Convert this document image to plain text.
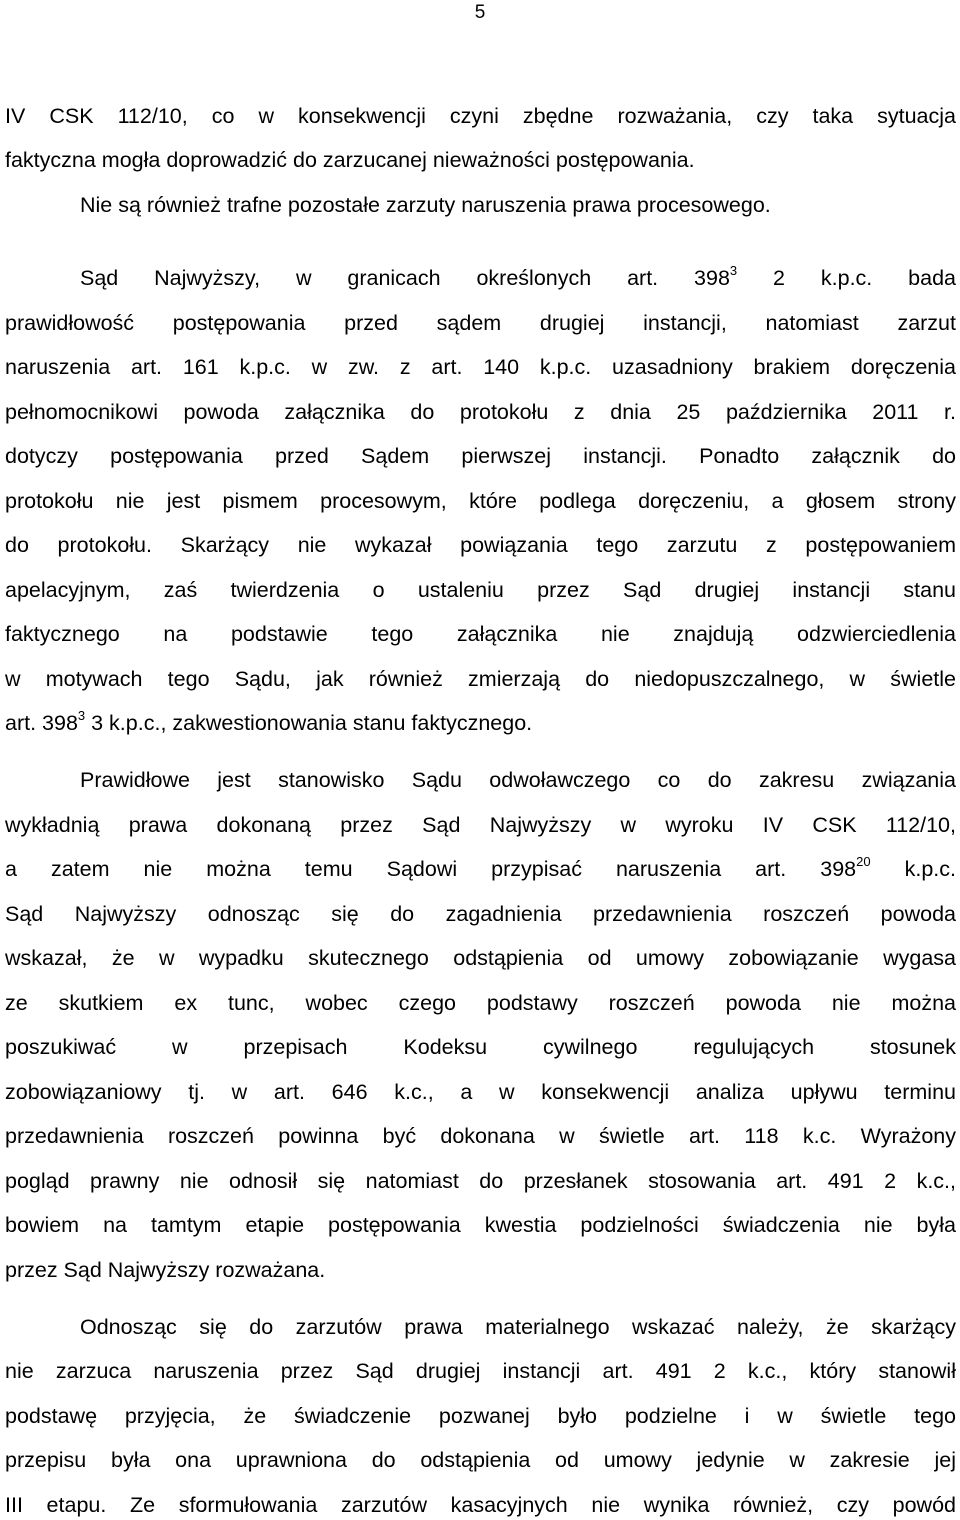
5
IV CSK 112/10, co w konsekwencji czyni zbędne rozważania, czy taka sytuacja
faktyczna mogła doprowadzić do zarzucanej nieważności postępowania.
Nie są również trafne pozostałe zarzuty naruszenia prawa procesowego.
Sąd Najwyższy, w granicach określonych art. $398^3$ 2 k.p.c. bada
prawidłowość postępowania przed sądem drugiej instancji, natomiast zarzut
naruszenia art. 161 k.p.c. w zw. z art. 140 k.p.c. uzasadniony brakiem doręczenia
pełnomocnikowi powoda załącznika do protokołu z dnia 25 października 2011 r.
dotyczy postępowania przed Sądem pierwszej instancji. Ponadto załącznik do
protokołu nie jest pismem procesowym, które podlega doręczeniu, a głosem strony
do protokołu. Skarżący nie wykazał powiązania tego zarzutu z postępowaniem
apelacyjnym, zaś twierdzenia o ustaleniu przez Sąd drugiej instancji stanu
faktycznego na podstawie tego załącznika nie znajdują odzwierciedlenia
w motywach tego Sądu, jak również zmierzają do niedopuszczalnego, w świetle
art. $398^3$ 3 k.p.c., zakwestionowania stanu faktycznego.
Prawidłowe jest stanowisko Sądu odwoławczego co do zakresu związania
wykładnią prawa dokonaną przez Sąd Najwyższy w wyroku IV CSK 112/10,
a zatem nie można temu Sądowi przypisać naruszenia art. $398^{20}$ k.p.c.
Sąd Najwyższy odnosząc się do zagadnienia przedawnienia roszczeń powoda
wskazał, że w wypadku skutecznego odstąpienia od umowy zobowiązanie wygasa
ze skutkiem ex tunc, wobec czego podstawy roszczeń powoda nie można
poszukiwać w przepisach Kodeksu cywilnego regulujących stosunek
zobowiązaniowy tj. w art. 646 k.c., a w konsekwencji analiza upływu terminu
przedawnienia roszczeń powinna być dokonana w świetle art. 118 k.c. Wyrażony
pogląd prawny nie odnosił się natomiast do przesłanek stosowania art. 491 2 k.c.,
bowiem na tamtym etapie postępowania kwestia podzielności świadczenia nie była
przez Sąd Najwyższy rozważana.
Odnosząc się do zarzutów prawa materialnego wskazać należy, że skarżący
nie zarzuca naruszenia przez Sąd drugiej instancji art. 491 2 k.c., który stanowił
podstawę przyjęcia, że świadczenie pozwanej było podzielne i w świetle tego
przepisu była ona uprawniona do odstąpienia od umowy jedynie w zakresie jej
III etapu. Ze sformułowania zarzutów kasacyjnych nie wynika również, czy powód
